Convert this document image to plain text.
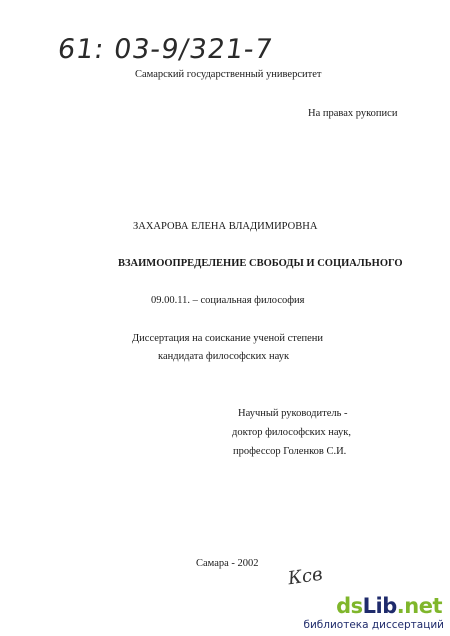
61: 03-9/321-7
Самарский государственный университет
На правах рукописи
ЗАХАРОВА ЕЛЕНА ВЛАДИМИРОВНА
ВЗАИМООПРЕДЕЛЕНИЕ СВОБОДЫ И СОЦИАЛЬНОГО
09.00.11. – социальная философия
Диссертация на соискание ученой степени
кандидата философских наук
Научный руководитель -
доктор философских наук,
профессор Голенков С.И.
Самара - 2002
Ксв
dsLib.net
библиотека диссертаций
